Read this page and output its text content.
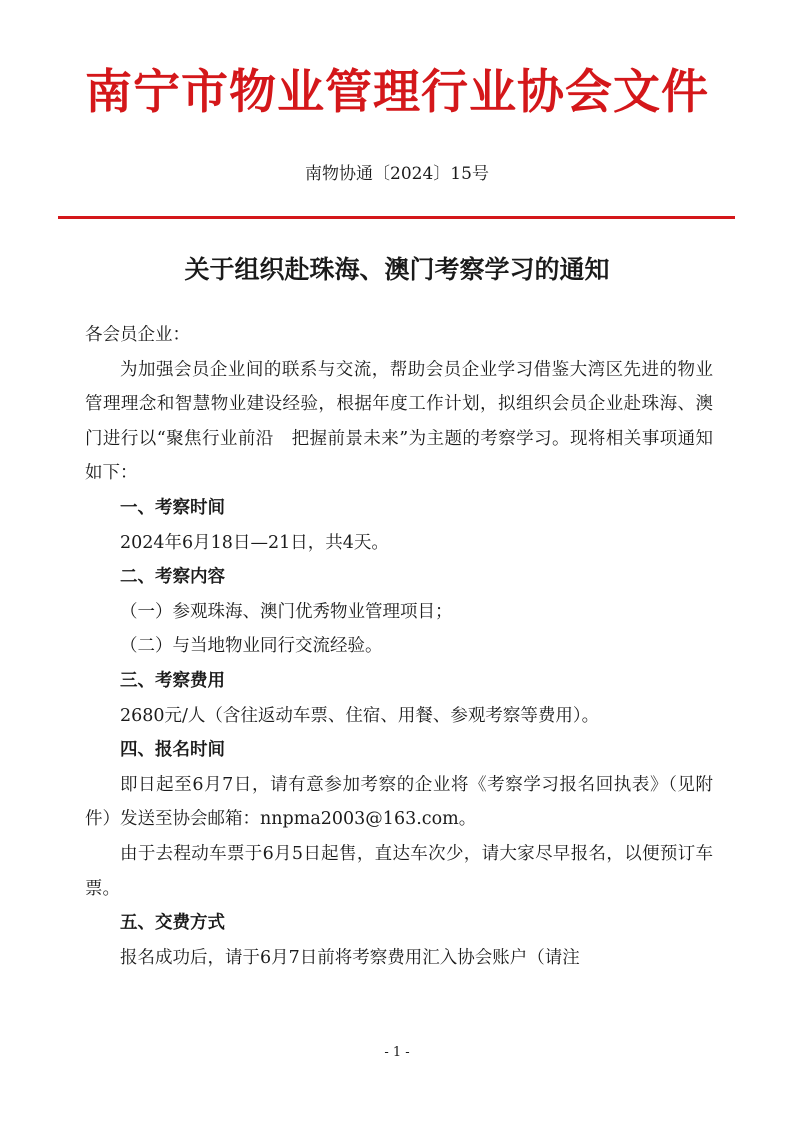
南宁市物业管理行业协会文件
南物协通〔2024〕15号
关于组织赴珠海、澳门考察学习的通知

各会员企业：

为加强会员企业间的联系与交流，帮助会员企业学习借鉴大湾区先进的物业管理理念和智慧物业建设经验，根据年度工作计划，拟组织会员企业赴珠海、澳门进行以“聚焦行业前沿　把握前景未来”为主题的考察学习。现将相关事项通知如下：

一、考察时间

2024年6月18日—21日，共4天。

二、考察内容

（一）参观珠海、澳门优秀物业管理项目；

（二）与当地物业同行交流经验。

三、考察费用

2680元/人（含往返动车票、住宿、用餐、参观考察等费用）。

四、报名时间

即日起至6月7日，请有意参加考察的企业将《考察学习报名回执表》（见附件）发送至协会邮箱：nnpma2003@163.com。

由于去程动车票于6月5日起售，直达车次少，请大家尽早报名，以便预订车票。

五、交费方式

报名成功后，请于6月7日前将考察费用汇入协会账户（请注

- 1 -
